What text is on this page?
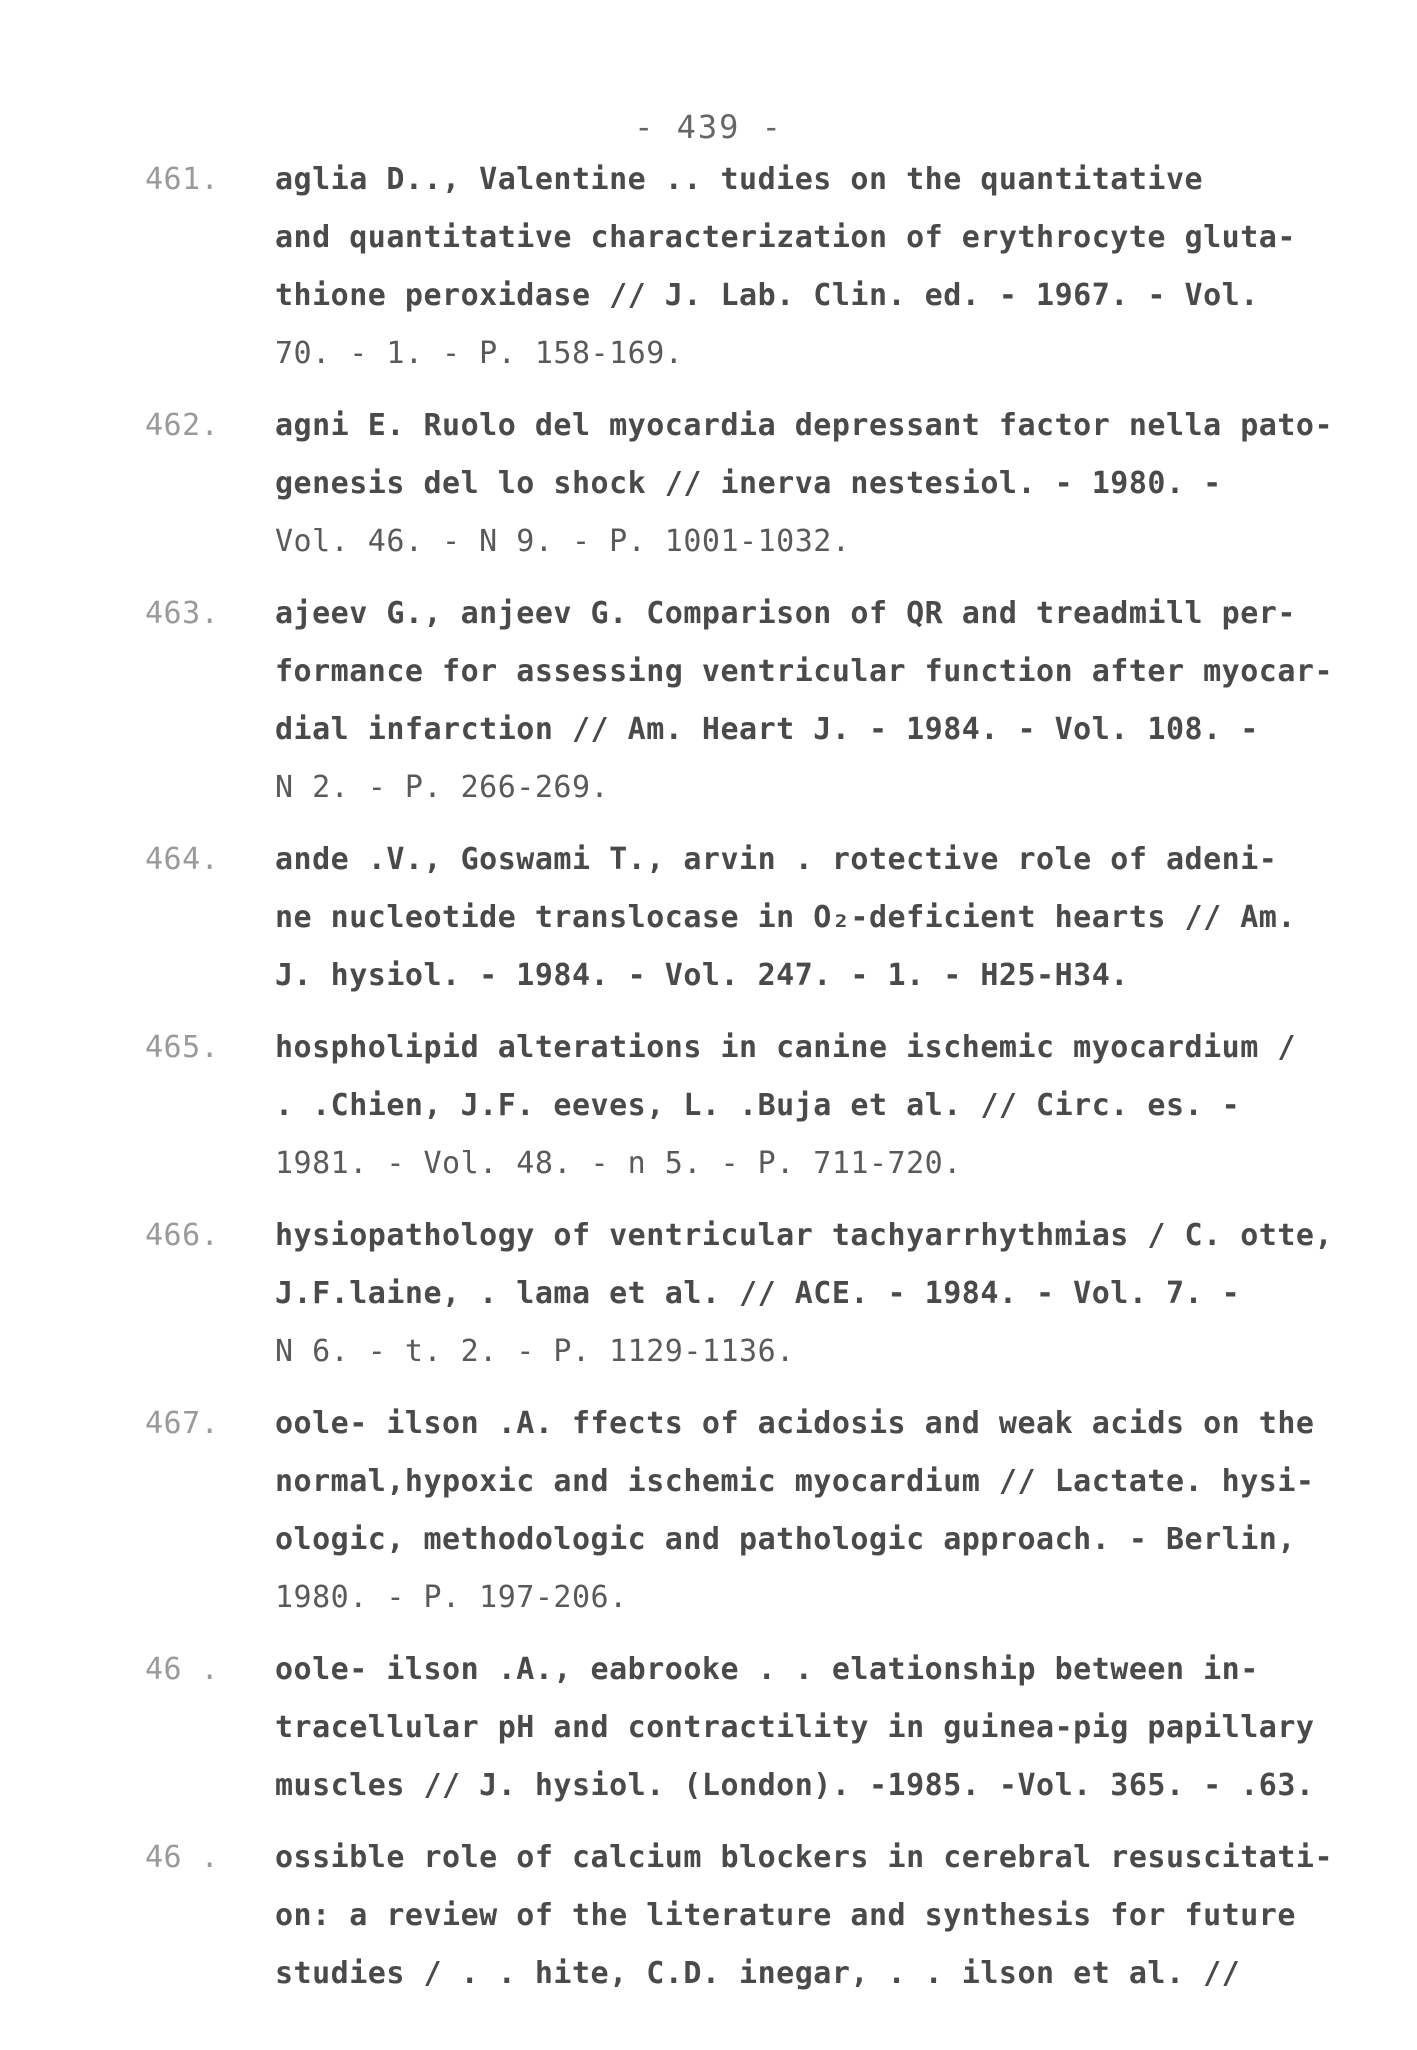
- 439 -
461.	aglia D.., Valentine .. tudies on the quantitative
and quantitative characterization of erythrocyte gluta-
thione peroxidase // J. Lab. Clin. ed. - 1967. - Vol.
70. - 1. - P. 158-169.
462.	agni E. Ruolo del myocardia depressant factor nella pato-
genesis del lo shock // inerva nestesiol. - 1980. -
Vol. 46. - N 9. - P. 1001-1032.
463.	ajeev G., anjeev G. Comparison of QR and treadmill per-
formance for assessing ventricular function after myocar-
dial infarction // Am. Heart J. - 1984. - Vol. 108. -
N 2. - P. 266-269.
464.	ande .V., Goswami T., arvin . rotective role of adeni-
ne nucleotide translocase in O₂-deficient hearts // Am.
J. hysiol. - 1984. - Vol. 247. - 1. - H25-H34.
465.	hospholipid alterations in canine ischemic myocardium /
. .Chien, J.F. eeves, L. .Buja et al. // Circ. es. -
1981. - Vol. 48. - n 5. - P. 711-720.
466.	hysiopathology of ventricular tachyarrhythmias / C. otte,
J.F.laine, . lama et al. // ACE. - 1984. - Vol. 7. -
N 6. - t. 2. - P. 1129-1136.
467.	oole- ilson .A. ffects of acidosis and weak acids on the
normal,hypoxic and ischemic myocardium // Lactate. hysi-
ologic, methodologic and pathologic approach. - Berlin,
1980. - P. 197-206.
46 .	oole- ilson .A., eabrooke . . elationship between in-
tracellular pH and contractility in guinea-pig papillary
muscles // J. hysiol. (London). -1985. -Vol. 365. - .63.
46 .	ossible role of calcium blockers in cerebral resuscitati-
on: a review of the literature and synthesis for future
studies / . . hite, C.D. inegar, . . ilson et al. //
